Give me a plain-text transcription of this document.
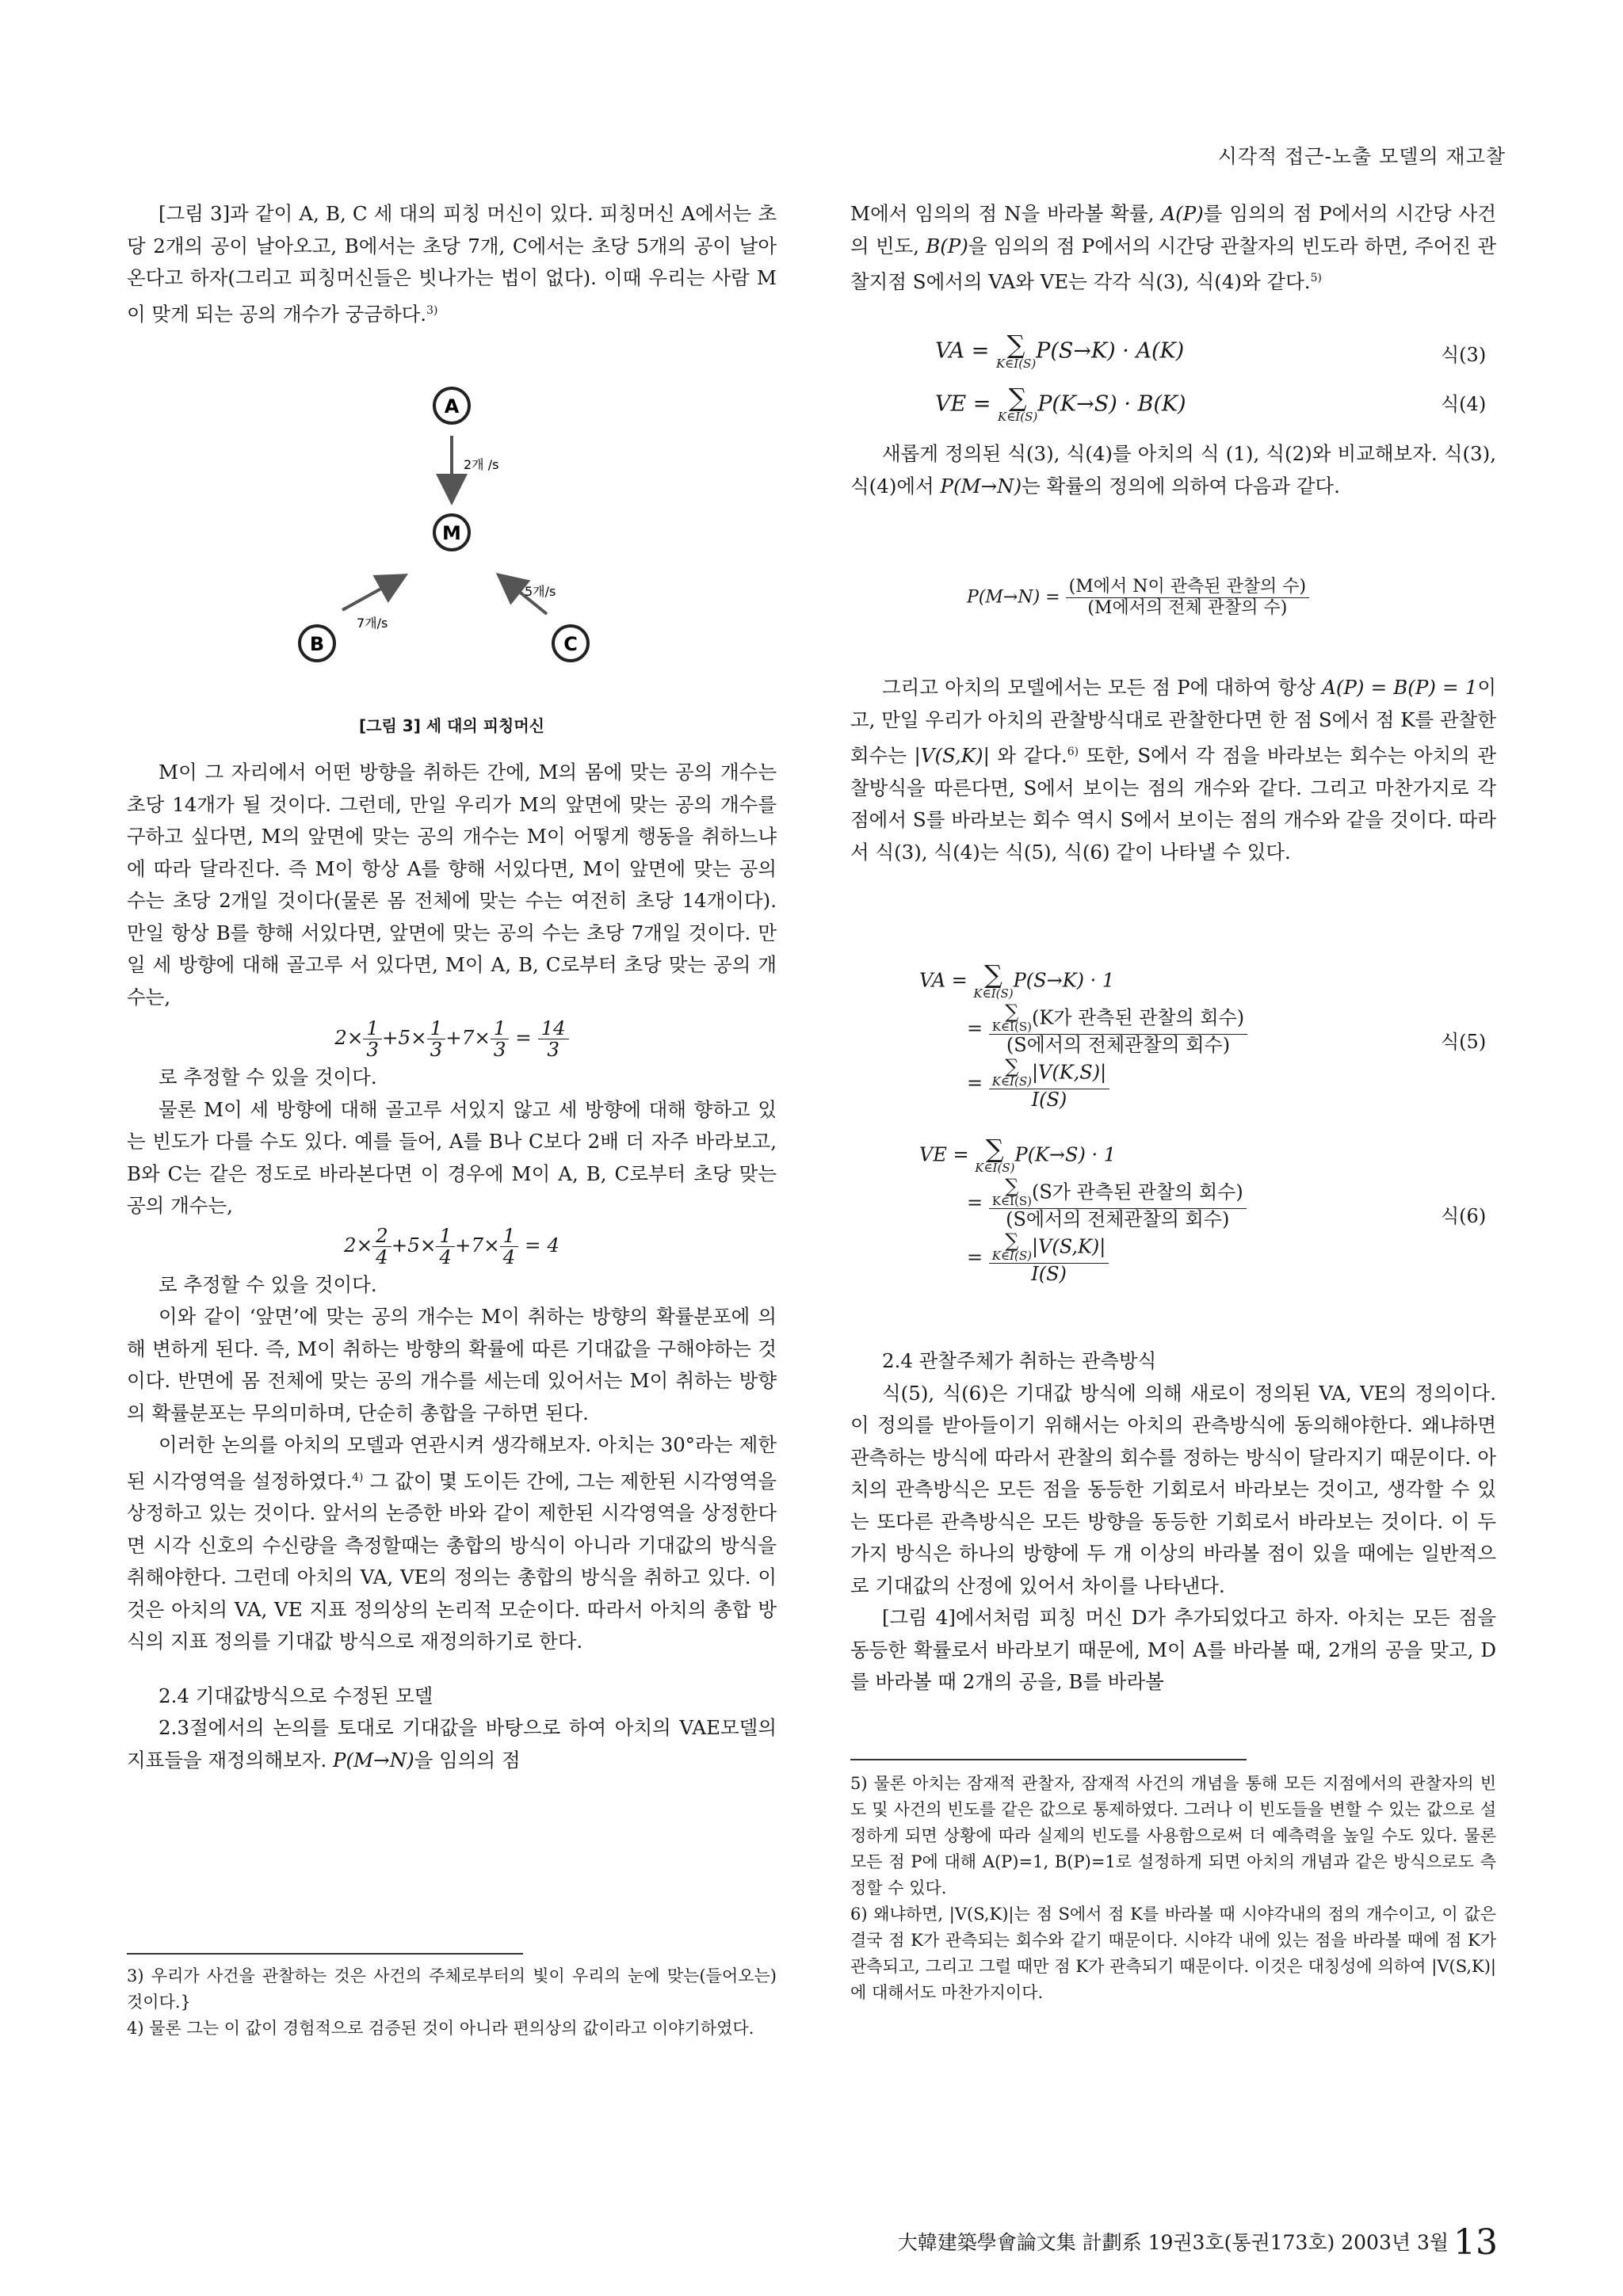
시각적 접근-노출 모델의 재고찰

[그림 3]과 같이 A, B, C 세 대의 피칭 머신이 있다. 피칭머신 A에서는 초당 2개의 공이 날아오고, B에서는 초당 7개, C에서는 초당 5개의 공이 날아온다고 하자(그리고 피칭머신들은 빗나가는 법이 없다). 이때 우리는 사람 M이 맞게 되는 공의 개수가 궁금하다.$^{3)}$

A
2개 /s
M
7개/s
5개/s
B	C
[그림 3] 세 대의 피칭머신

M이 그 자리에서 어떤 방향을 취하든 간에, M의 몸에 맞는 공의 개수는 초당 14개가 될 것이다. 그런데, 만일 우리가 M의 앞면에 맞는 공의 개수를 구하고 싶다면, M의 앞면에 맞는 공의 개수는 M이 어떻게 행동을 취하느냐에 따라 달라진다. 즉 M이 항상 A를 향해 서있다면, M이 앞면에 맞는 공의 수는 초당 2개일 것이다(물론 몸 전체에 맞는 수는 여전히 초당 14개이다). 만일 항상 B를 향해 서있다면, 앞면에 맞는 공의 수는 초당 7개일 것이다. 만일 세 방향에 대해 골고루 서 있다면, M이 A, B, C로부터 초당 맞는 공의 개수는,

$2\times \frac{1}{3} +5\times \frac{1}{3} +7\times \frac{1}{3} = \frac{14}{3}$

로 추정할 수 있을 것이다.

물론 M이 세 방향에 대해 골고루 서있지 않고 세 방향에 대해 향하고 있는 빈도가 다를 수도 있다. 예를 들어, A를 B나 C보다 2배 더 자주 바라보고, B와 C는 같은 정도로 바라본다면 이 경우에 M이 A, B, C로부터 초당 맞는 공의 개수는,

$2\times \frac{2}{4} +5\times \frac{1}{4} +7\times \frac{1}{4} = 4$

로 추정할 수 있을 것이다.

이와 같이 ‘앞면’에 맞는 공의 개수는 M이 취하는 방향의 확률분포에 의해 변하게 된다. 즉, M이 취하는 방향의 확률에 따른 기대값을 구해야하는 것이다. 반면에 몸 전체에 맞는 공의 개수를 세는데 있어서는 M이 취하는 방향의 확률분포는 무의미하며, 단순히 총합을 구하면 된다.

이러한 논의를 아치의 모델과 연관시켜 생각해보자. 아치는 30°라는 제한된 시각영역을 설정하였다.$^{4)}$ 그 값이 몇 도이든 간에, 그는 제한된 시각영역을 상정하고 있는 것이다. 앞서의 논증한 바와 같이 제한된 시각영역을 상정한다면 시각 신호의 수신량을 측정할때는 총합의 방식이 아니라 기대값의 방식을 취해야한다. 그런데 아치의 VA, VE의 정의는 총합의 방식을 취하고 있다. 이것은 아치의 VA, VE 지표 정의상의 논리적 모순이다. 따라서 아치의 총합 방식의 지표 정의를 기대값 방식으로 재정의하기로 한다.

2.4 기대값방식으로 수정된 모델

2.3절에서의 논의를 토대로 기대값을 바탕으로 하여 아치의 VAE모델의 지표들을 재정의해보자. P(M→N)을 임의의 점

3) 우리가 사건을 관찰하는 것은 사건의 주체로부터의 빛이 우리의 눈에 맞는(들어오는) 것이다.}

4) 물론 그는 이 값이 경험적으로 검증된 것이 아니라 편의상의 값이라고 이야기하였다.

M에서 임의의 점 N을 바라볼 확률, A(P)를 임의의 점 P에서의 시간당 사건의 빈도, B(P)을 임의의 점 P에서의 시간당 관찰자의 빈도라 하면, 주어진 관찰지점 S에서의 VA와 VE는 각각 식(3), 식(4)와 같다.$^{5)}$

VA = ∑
K∈I(S)
P(S→K) · A(K)	식(3)
VE = ∑
K∈I(S)
P(K→S) · B(K)	식(4)

새롭게 정의된 식(3), 식(4)를 아치의 식 (1), 식(2)와 비교해보자. 식(3), 식(4)에서 P(M→N)는 확률의 정의에 의하여 다음과 같다.

$P(M\to N) = \frac{\text{(M에서 N이 관측된 관찰의 수)}}{\text{(M에서의 전체 관찰의 수)}}$

그리고 아치의 모델에서는 모든 점 P에 대하여 항상 A(P) = B(P) = 1이고, 만일 우리가 아치의 관찰방식대로 관찰한다면 한 점 S에서 점 K를 관찰한 회수는 |V(S,K)| 와 같다.$^{6)}$ 또한, S에서 각 점을 바라보는 회수는 아치의 관찰방식을 따른다면, S에서 보이는 점의 개수와 같다. 그리고 마찬가지로 각 점에서 S를 바라보는 회수 역시 S에서 보이는 점의 개수와 같을 것이다. 따라서 식(3), 식(4)는 식(5), 식(6) 같이 나타낼 수 있다.

VA = ∑
K∈I(S)
P(S→K) · 1
= ∑
K∈I(S) (K가 관측된 관찰의 회수)
(S에서의 전체관찰의 회수)
= ∑
K∈I(S) |V(K,S)|
I(S)
식(5)
VE = ∑
K∈I(S)
P(K→S) · 1
= ∑
K∈I(S) (S가 관측된 관찰의 회수)
(S에서의 전체관찰의 회수)
= ∑
K∈I(S) |V(S,K)|
I(S)
식(6)

2.4 관찰주체가 취하는 관측방식

식(5), 식(6)은 기대값 방식에 의해 새로이 정의된 VA, VE의 정의이다. 이 정의를 받아들이기 위해서는 아치의 관측방식에 동의해야한다. 왜냐하면 관측하는 방식에 따라서 관찰의 회수를 정하는 방식이 달라지기 때문이다. 아치의 관측방식은 모든 점을 동등한 기회로서 바라보는 것이고, 생각할 수 있는 또다른 관측방식은 모든 방향을 동등한 기회로서 바라보는 것이다. 이 두 가지 방식은 하나의 방향에 두 개 이상의 바라볼 점이 있을 때에는 일반적으로 기대값의 산정에 있어서 차이를 나타낸다.

[그림 4]에서처럼 피칭 머신 D가 추가되었다고 하자. 아치는 모든 점을 동등한 확률로서 바라보기 때문에, M이 A를 바라볼 때, 2개의 공을 맞고, D를 바라볼 때 2개의 공을, B를 바라볼

5) 물론 아치는 잠재적 관찰자, 잠재적 사건의 개념을 통해 모든 지점에서의 관찰자의 빈도 및 사건의 빈도를 같은 값으로 통제하였다. 그러나 이 빈도들을 변할 수 있는 값으로 설정하게 되면 상황에 따라 실제의 빈도를 사용함으로써 더 예측력을 높일 수도 있다. 물론 모든 점 P에 대해 A(P)=1, B(P)=1로 설정하게 되면 아치의 개념과 같은 방식으로도 측정할 수 있다.

6) 왜냐하면, |V(S,K)|는 점 S에서 점 K를 바라볼 때 시야각내의 점의 개수이고, 이 값은 결국 점 K가 관측되는 회수와 같기 때문이다. 시야각 내에 있는 점을 바라볼 때에 점 K가 관측되고, 그리고 그럴 때만 점 K가 관측되기 때문이다. 이것은 대칭성에 의하여 |V(S,K)|에 대해서도 마찬가지이다.

大韓建築學會論文集 計劃系 19권3호(통권173호) 2003년 3월 13
